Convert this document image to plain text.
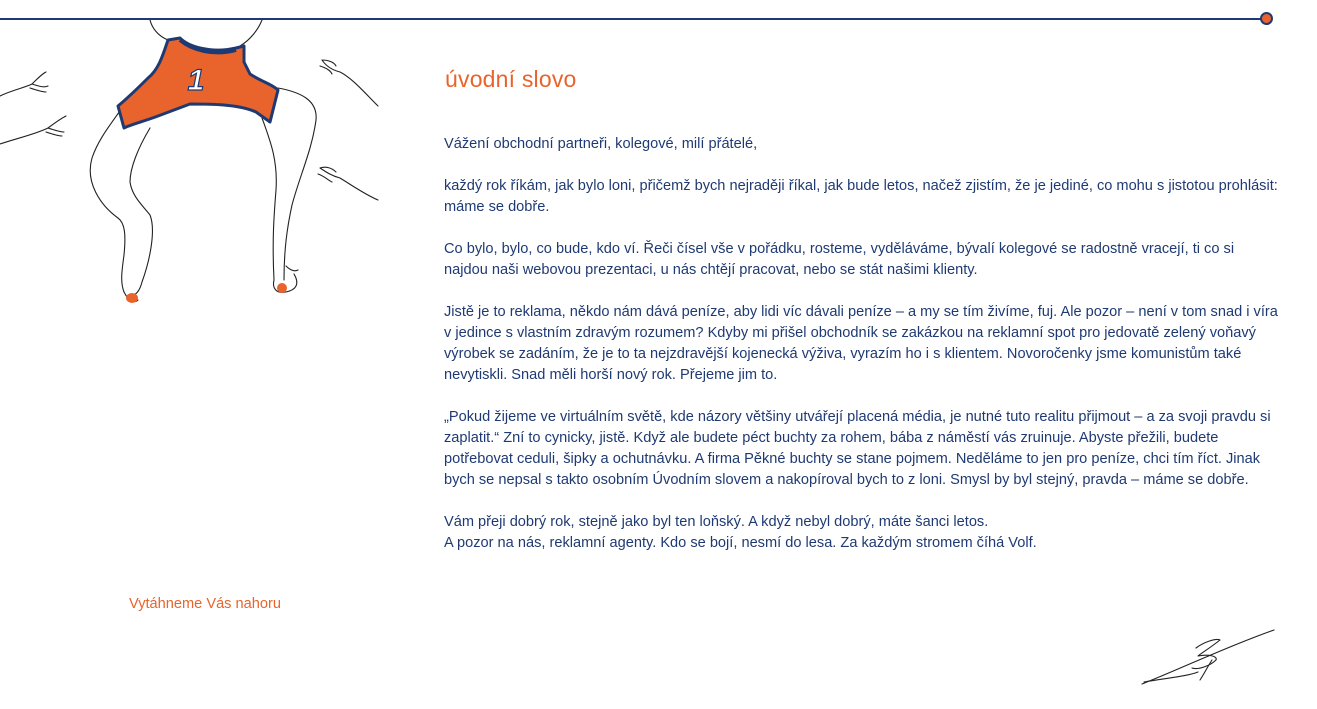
1	úvodní slovo

Vážení obchodní partneři, kolegové, milí přátelé,

každý rok říkám, jak bylo loni, přičemž bych nejraději říkal, jak bude letos, načež zjistím, že je jediné, co mohu s jistotou prohlásit: máme se dobře.

Co bylo, bylo, co bude, kdo ví. Řeči čísel vše v pořádku, rosteme, vyděláváme, bývalí kolegové se radostně vracejí, ti co si najdou naši webovou prezentaci, u nás chtějí pracovat, nebo se stát našimi klienty.

Jistě je to reklama, někdo nám dává peníze, aby lidi víc dávali peníze – a my se tím živíme, fuj. Ale pozor – není v tom snad i víra v jedince s vlastním zdravým rozumem? Kdyby mi přišel obchodník se zakázkou na reklamní spot pro jedovatě zelený voňavý výrobek se zadáním, že je to ta nejzdravější kojenecká výživa, vyrazím ho i s klientem. Novoročenky jsme komunistům také nevytiskli. Snad měli horší nový rok. Přejeme jim to.

„Pokud žijeme ve virtuálním světě, kde názory většiny utvářejí placená média, je nutné tuto realitu přijmout – a za svoji pravdu si zaplatit.“ Zní to cynicky, jistě. Když ale budete péct buchty za rohem, bába z náměstí vás zruinuje. Abyste přežili, budete potřebovat ceduli, šipky a ochutnávku. A firma Pěkné buchty se stane pojmem. Neděláme to jen pro peníze, chci tím říct. Jinak bych se nepsal s takto osobním Úvodním slovem a nakopíroval bych to z loni. Smysl by byl stejný, pravda – máme se dobře.

Vám přeji dobrý rok, stejně jako byl ten loňský. A když nebyl dobrý, máte šanci letos.

A pozor na nás, reklamní agenty. Kdo se bojí, nesmí do lesa. Za každým stromem číhá Volf.

Vytáhneme Vás nahoru
